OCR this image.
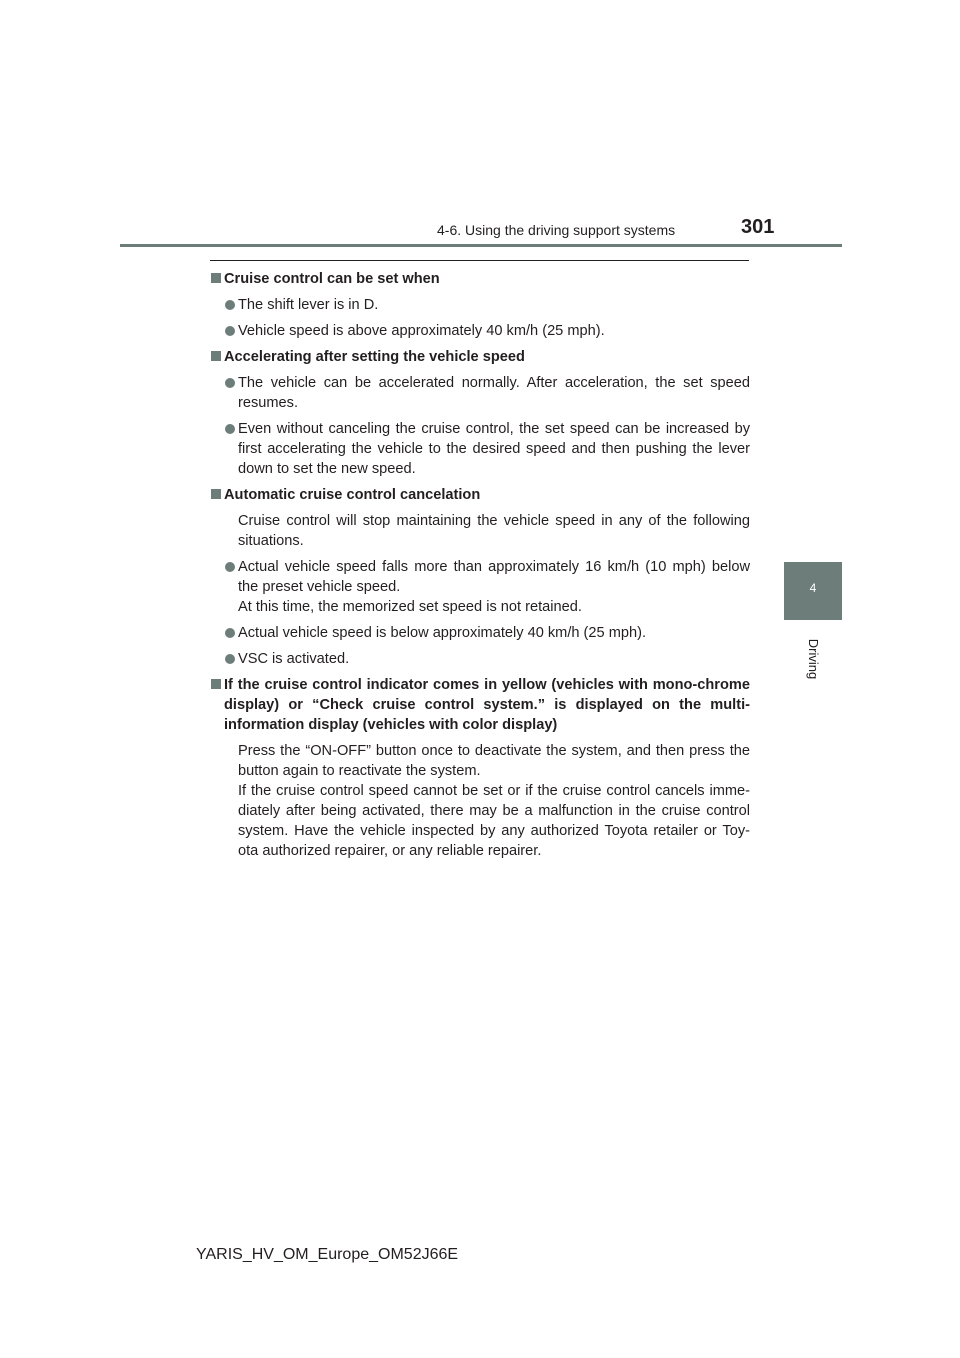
4-6. Using the driving support systems	301
4
Driving
Cruise control can be set when
The shift lever is in D.
Vehicle speed is above approximately 40 km/h (25 mph).
Accelerating after setting the vehicle speed
The vehicle can be accelerated normally. After acceleration, the set speed resumes.
Even without canceling the cruise control, the set speed can be increased by first accelerating the vehicle to the desired speed and then pushing the lever down to set the new speed.
Automatic cruise control cancelation
Cruise control will stop maintaining the vehicle speed in any of the following situations.
Actual vehicle speed falls more than approximately 16 km/h (10 mph) below the preset vehicle speed.
At this time, the memorized set speed is not retained.
Actual vehicle speed is below approximately 40 km/h (25 mph).
VSC is activated.
If the cruise control indicator comes in yellow (vehicles with mono-chrome display) or “Check cruise control system.” is displayed on the multi-information display (vehicles with color display)
Press the “ON-OFF” button once to deactivate the system, and then press the button again to reactivate the system.
If the cruise control speed cannot be set or if the cruise control cancels imme-diately after being activated, there may be a malfunction in the cruise control system. Have the vehicle inspected by any authorized Toyota retailer or Toy-ota authorized repairer, or any reliable repairer.
YARIS_HV_OM_Europe_OM52J66E
